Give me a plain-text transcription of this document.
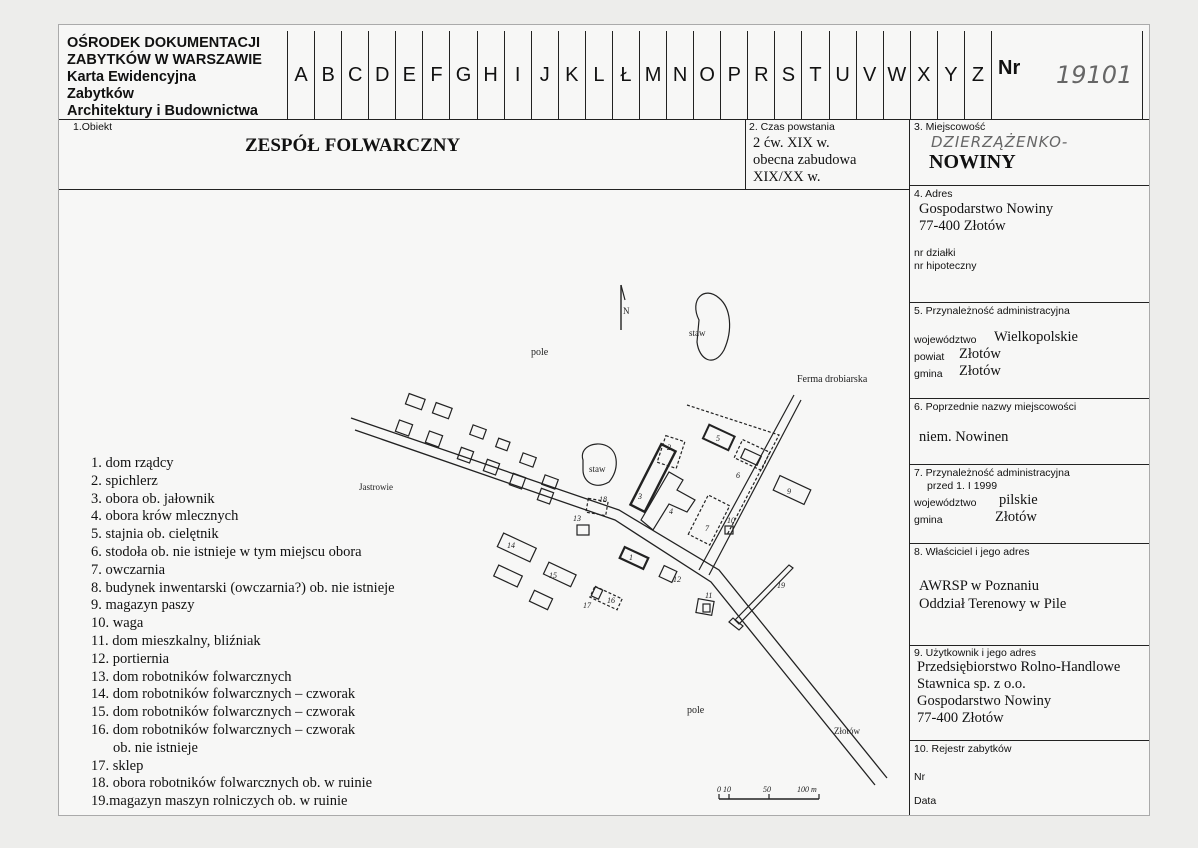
OŚRODEK DOKUMENTACJI
ZABYTKÓW W WARSZAWIE
Karta Ewidencyjna
Zabytków
Architektury i Budownictwa
A B C D E F G H I J K L Ł M N O P R S T U V W X Y Z Nr 19101
1.Obiekt
ZESPÓŁ FOLWARCZNY
2. Czas powstania
2 ćw. XIX w.
obecna zabudowa
XIX/XX w.
3. Miejscowość
DZIERZĄŻENKO-
NOWINY
4. Adres
Gospodarstwo Nowiny
77-400 Złotów
nr działki
nr hipoteczny
5. Przynależność administracyjna
województwo Wielkopolskie
powiat Złotów
gmina Złotów
6. Poprzednie nazwy miejscowości
niem. Nowinen
7. Przynależność administracyjna
przed 1. I 1999
województwo pilskie
gmina	Złotów
8. Właściciel i jego adres
AWRSP w Poznaniu
Oddział Terenowy w Pile
9. Użytkownik i jego adres
Przedsiębiorstwo Rolno-Handlowe
Stawnica sp. z o.o.
Gospodarstwo Nowiny
77-400 Złotów
10. Rejestr zabytków
Nr
Data
1. dom rządcy
2. spichlerz
3. obora ob. jałownik
4. obora krów mlecznych
5. stajnia ob. cielętnik
6. stodoła ob. nie istnieje w tym miejscu obora
7. owczarnia
8. budynek inwentarski (owczarnia?) ob. nie istnieje
9. magazyn paszy
10. waga
11. dom mieszkalny, bliźniak
12. portiernia
13. dom robotników folwarcznych
14. dom robotników folwarcznych – czworak
15. dom robotników folwarcznych – czworak
16. dom robotników folwarcznych – czworak
ob. nie istnieje
17. sklep
18. obora robotników folwarcznych ob. w ruinie
19.magazyn maszyn rolniczych ob. w ruinie
N
pole
staw
staw
Ferma drobiarska
Jastrowie
pole
Złotów
0 10	50	100 m
3
2
4
5
6
7
10
9
13
14
15
16
17
18
19
1
12
11
